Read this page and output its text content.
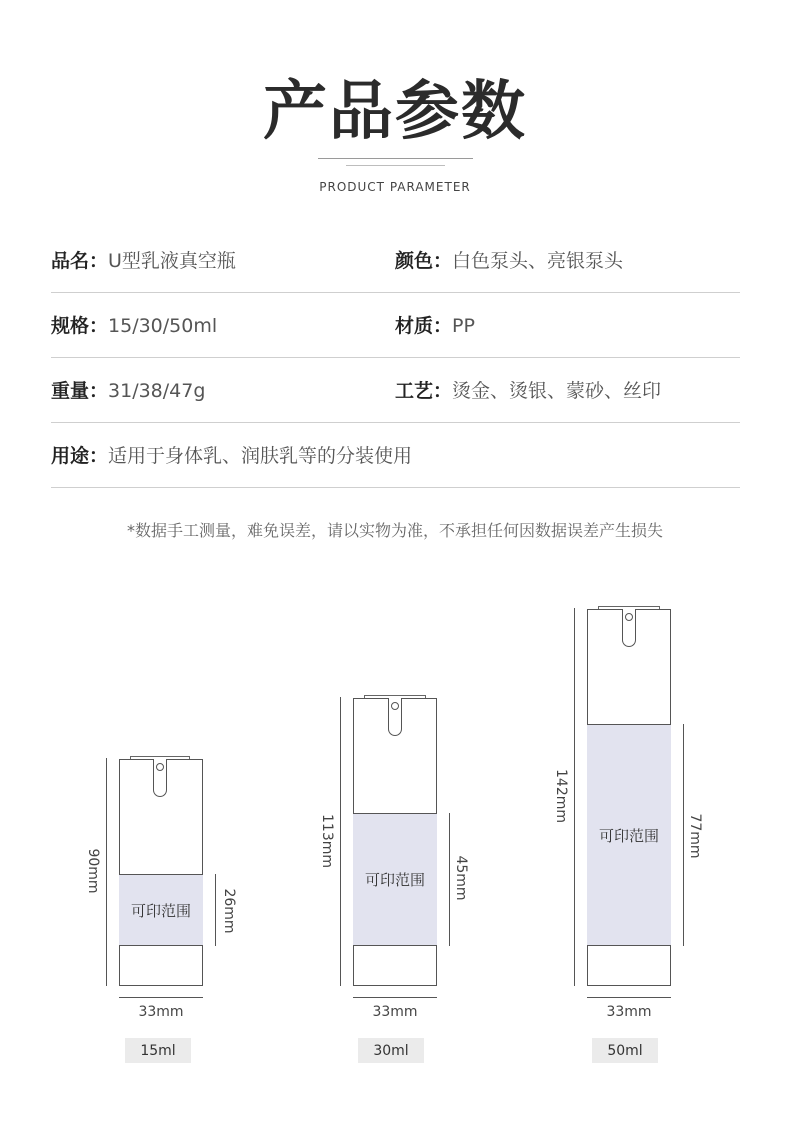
产品参数
PRODUCT PARAMETER
品名：U型乳液真空瓶	颜色：白色泵头、亮银泵头
规格：15/30/50ml	材质：PP
重量：31/38/47g	工艺：烫金、烫银、蒙砂、丝印
用途：适用于身体乳、润肤乳等的分装使用
*数据手工测量，难免误差，请以实物为准，不承担任何因数据误差产生损失
可印范围
90mm
26mm
33mm
15ml
可印范围
113mm
45mm
33mm
30ml
可印范围
142mm
77mm
33mm
50ml
